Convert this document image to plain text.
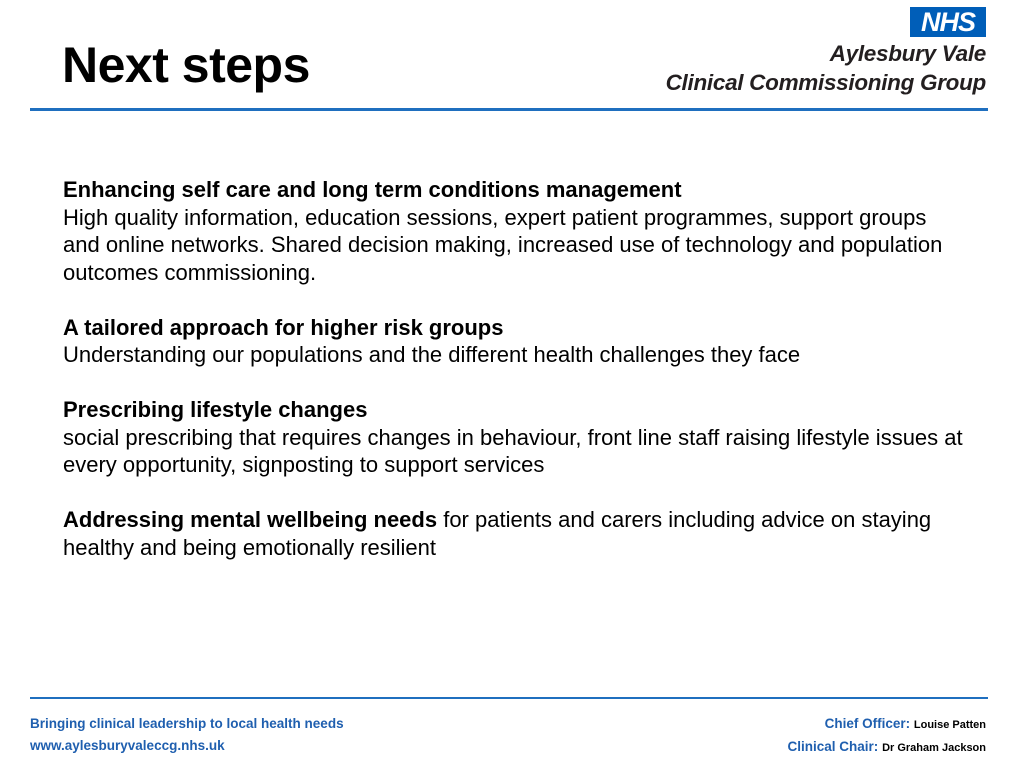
Next steps
NHS
Aylesbury Vale
Clinical Commissioning Group
Enhancing self care and long term conditions management
High quality information, education sessions, expert patient programmes, support groups and online networks. Shared decision making, increased use of technology and population outcomes commissioning.
A tailored approach for higher risk groups
Understanding our populations and the different health challenges they face
Prescribing lifestyle changes
social prescribing that requires changes in behaviour, front line staff raising lifestyle issues at every opportunity, signposting to support services
Addressing mental wellbeing needs for patients and carers including advice on staying healthy and being emotionally resilient
Bringing clinical leadership to local health needs
www.aylesburyvaleccg.nhs.uk
Chief Officer: Louise Patten
Clinical Chair: Dr Graham Jackson
